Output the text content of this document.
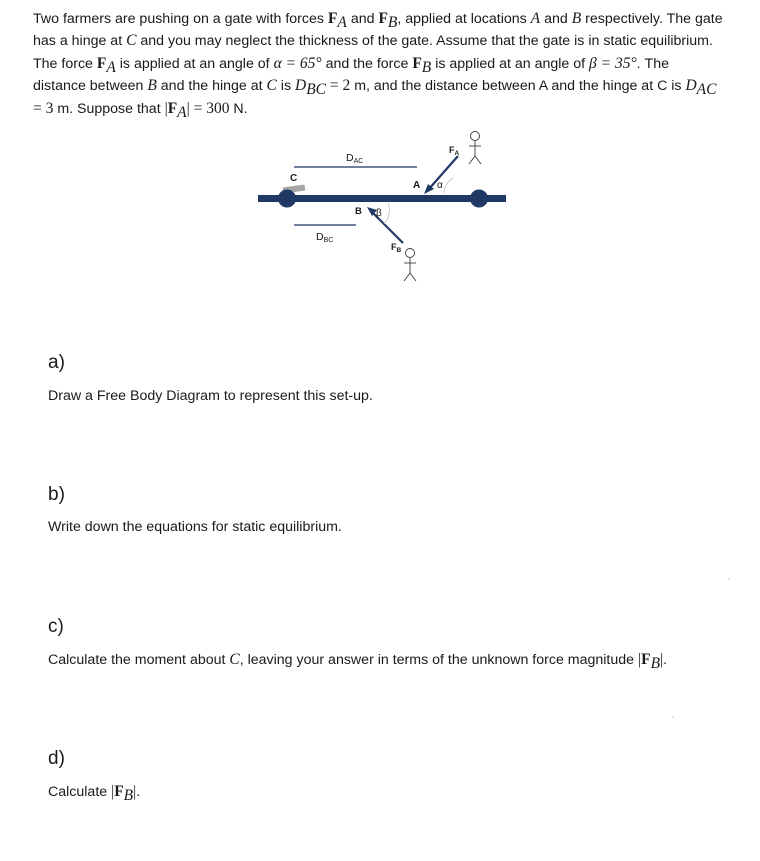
Two farmers are pushing on a gate with forces $F_A$ and $F_B$, applied at locations A and B respectively. The gate has a hinge at C and you may neglect the thickness of the gate. Assume that the gate is in static equilibrium. The force $F_A$ is applied at an angle of α = 65° and the force $F_B$ is applied at an angle of β = 35°. The distance between B and the hinge at C is $D_{BC} = 2$ m, and the distance between A and the hinge at C is $D_{AC} = 3$ m. Suppose that $|F_A| = 300$ N.

DAC
C
A α
$F_A$
B β
$F_B$
DBC
a)
Draw a Free Body Diagram to represent this set-up.
b)
Write down the equations for static equilibrium.
c)
Calculate the moment about C, leaving your answer in terms of the unknown force magnitude $|F_B|$.
d)
Calculate $|F_B|$.
